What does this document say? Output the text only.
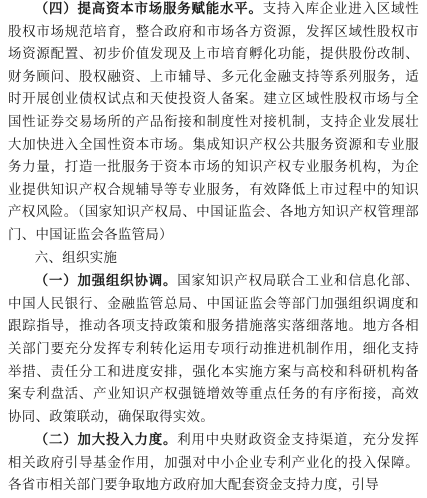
（四）提高资本市场服务赋能水平。支持入库企业进入区域性股权市场规范培育，整合政府和市场各方资源，发挥区域性股权市场资源配置、初步价值发现及上市培育孵化功能，提供股份改制、财务顾问、股权融资、上市辅导、多元化金融支持等系列服务，适时开展创业债权试点和天使投资人备案。建立区域性股权市场与全国性证券交易场所的产品衔接和制度性对接机制，支持企业发展壮大加快进入全国性资本市场。集成知识产权公共服务资源和专业服务力量，打造一批服务于资本市场的知识产权专业服务机构，为企业提供知识产权合规辅导等专业服务，有效降低上市过程中的知识产权风险。（国家知识产权局、中国证监会、各地方知识产权管理部门、中国证监会各监管局）

六、组织实施

（一）加强组织协调。国家知识产权局联合工业和信息化部、中国人民银行、金融监管总局、中国证监会等部门加强组织调度和跟踪指导，推动各项支持政策和服务措施落实落细落地。地方各相关部门要充分发挥专利转化运用专项行动推进机制作用，细化支持举措、责任分工和进度安排，强化本实施方案与高校和科研机构备案专利盘活、产业知识产权强链增效等重点任务的有序衔接，高效协同、政策联动，确保取得实效。

（二）加大投入力度。利用中央财政资金支持渠道，充分发挥相关政府引导基金作用，加强对中小企业专利产业化的投入保障。各省市相关部门要争取地方政府加大配套资金支持力度，引导
